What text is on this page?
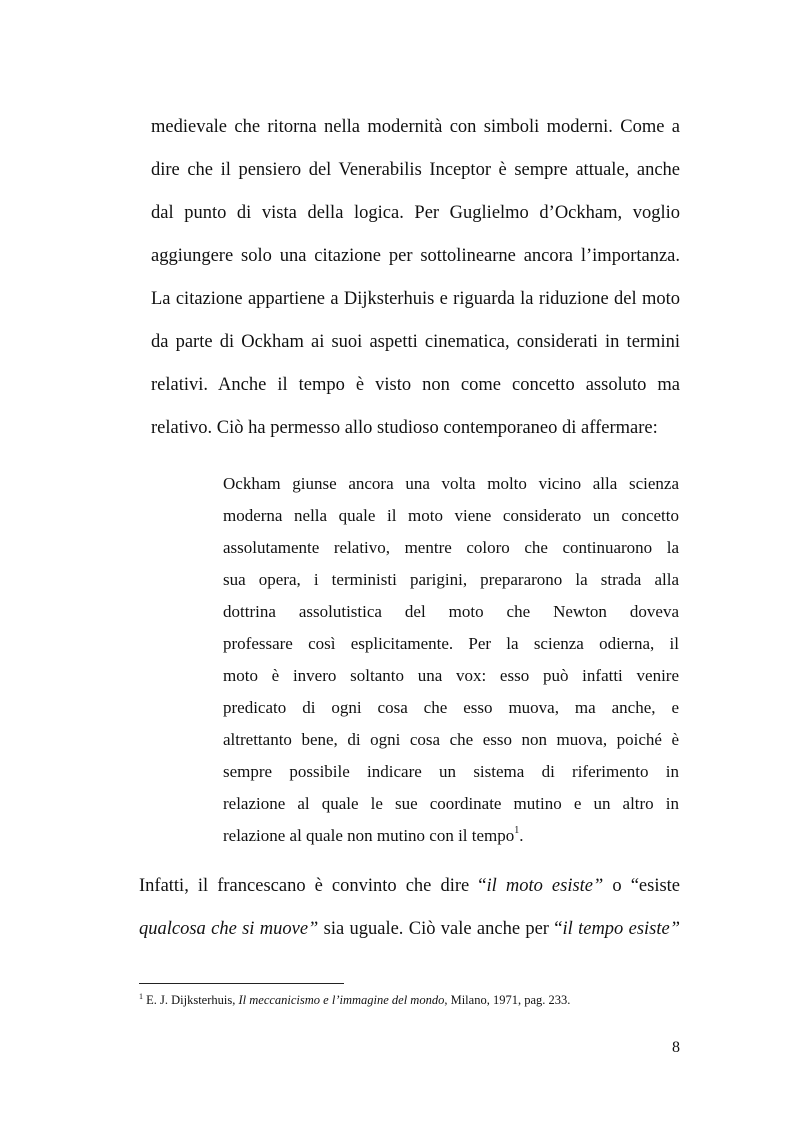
medievale che ritorna nella modernità con simboli moderni. Come a
dire che il pensiero del Venerabilis Inceptor è sempre attuale, anche
dal punto di vista della logica. Per Guglielmo d’Ockham, voglio
aggiungere solo una citazione per sottolinearne ancora l’importanza.
La citazione appartiene a Dijksterhuis e riguarda la riduzione del moto
da parte di Ockham ai suoi aspetti cinematica, considerati in termini
relativi. Anche il tempo è visto non come concetto assoluto ma
relativo. Ciò ha permesso allo studioso contemporaneo di affermare:
Ockham giunse ancora una volta molto vicino alla scienza
moderna nella quale il moto viene considerato un concetto
assolutamente relativo, mentre coloro che continuarono la
sua opera, i terministi parigini, prepararono la strada alla
dottrina assolutistica del moto che Newton doveva
professare così esplicitamente. Per la scienza odierna, il
moto è invero soltanto una vox: esso può infatti venire
predicato di ogni cosa che esso muova, ma anche, e
altrettanto bene, di ogni cosa che esso non muova, poiché è
sempre possibile indicare un sistema di riferimento in
relazione al quale le sue coordinate mutino e un altro in
relazione al quale non mutino con il tempo$^1$.
Infatti, il francescano è convinto che dire “il moto esiste” o “esiste
qualcosa che si muove” sia uguale. Ciò vale anche per “il tempo esiste”
$^1$ E. J. Dijksterhuis, Il meccanicismo e l’immagine del mondo, Milano, 1971, pag. 233.
8
